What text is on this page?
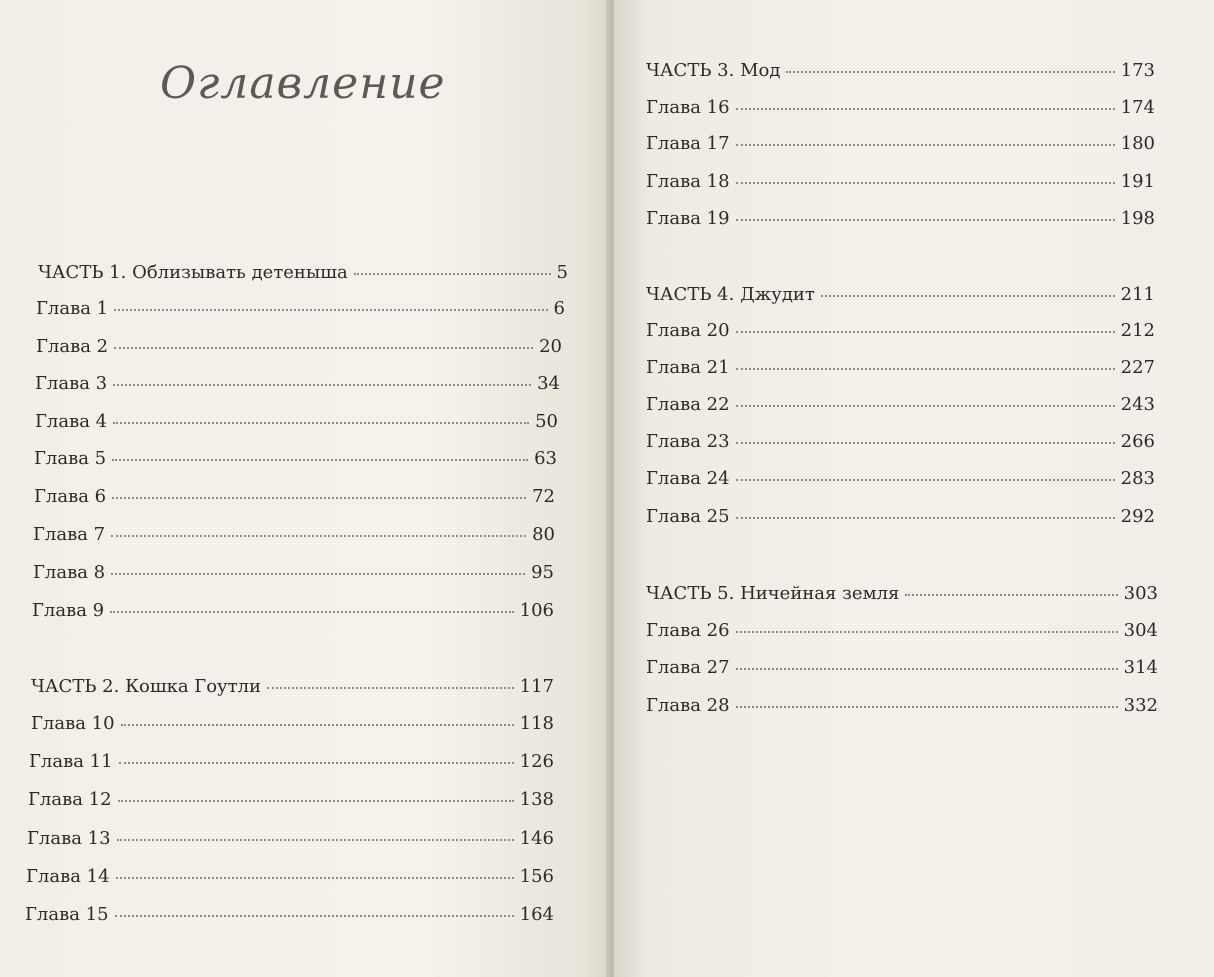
Оглавление
ЧАСТЬ 1. Облизывать детеныша	5
Глава 1	6
Глава 2	20
Глава 3	34
Глава 4	50
Глава 5	63
Глава 6	72
Глава 7	80
Глава 8	95
Глава 9	106
ЧАСТЬ 2. Кошка Гоутли	117
Глава 10	118
Глава 11	126
Глава 12	138
Глава 13	146
Глава 14	156
Глава 15	164
ЧАСТЬ 3. Мод	173
Глава 16	174
Глава 17	180
Глава 18	191
Глава 19	198
ЧАСТЬ 4. Джудит	211
Глава 20	212
Глава 21	227
Глава 22	243
Глава 23	266
Глава 24	283
Глава 25	292
ЧАСТЬ 5. Ничейная земля	303
Глава 26	304
Глава 27	314
Глава 28	332
